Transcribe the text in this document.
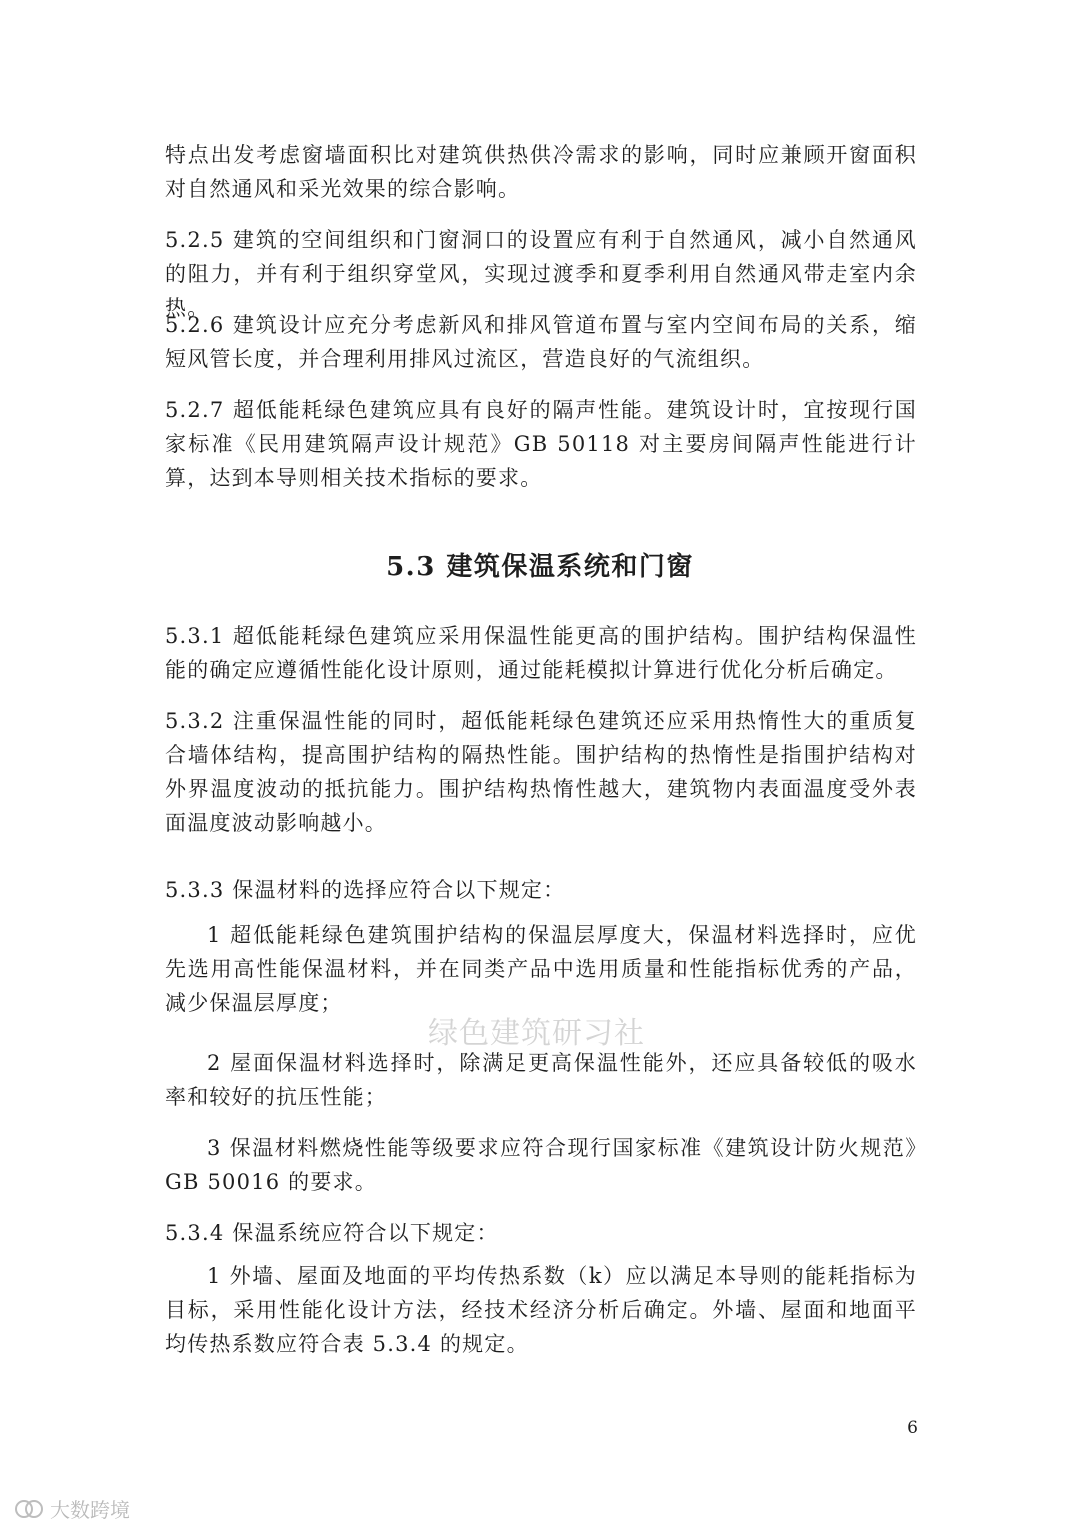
特点出发考虑窗墙面积比对建筑供热供冷需求的影响，同时应兼顾开窗面积对自然通风和采光效果的综合影响。

5.2.5 建筑的空间组织和门窗洞口的设置应有利于自然通风，减小自然通风的阻力，并有利于组织穿堂风，实现过渡季和夏季利用自然通风带走室内余热。

5.2.6 建筑设计应充分考虑新风和排风管道布置与室内空间布局的关系，缩短风管长度，并合理利用排风过流区，营造良好的气流组织。

5.2.7 超低能耗绿色建筑应具有良好的隔声性能。建筑设计时，宜按现行国家标准《民用建筑隔声设计规范》GB 50118 对主要房间隔声性能进行计算，达到本导则相关技术指标的要求。

5.3 建筑保温系统和门窗

5.3.1 超低能耗绿色建筑应采用保温性能更高的围护结构。围护结构保温性能的确定应遵循性能化设计原则，通过能耗模拟计算进行优化分析后确定。

5.3.2 注重保温性能的同时，超低能耗绿色建筑还应采用热惰性大的重质复合墙体结构，提高围护结构的隔热性能。围护结构的热惰性是指围护结构对外界温度波动的抵抗能力。围护结构热惰性越大，建筑物内表面温度受外表面温度波动影响越小。

5.3.3 保温材料的选择应符合以下规定：

1 超低能耗绿色建筑围护结构的保温层厚度大，保温材料选择时，应优先选用高性能保温材料，并在同类产品中选用质量和性能指标优秀的产品，减少保温层厚度；

2 屋面保温材料选择时，除满足更高保温性能外，还应具备较低的吸水率和较好的抗压性能；

3 保温材料燃烧性能等级要求应符合现行国家标准《建筑设计防火规范》GB 50016 的要求。

5.3.4 保温系统应符合以下规定：

1 外墙、屋面及地面的平均传热系数（k）应以满足本导则的能耗指标为目标，采用性能化设计方法，经技术经济分析后确定。外墙、屋面和地面平均传热系数应符合表 5.3.4 的规定。

绿色建筑研习社
6
大数跨境
